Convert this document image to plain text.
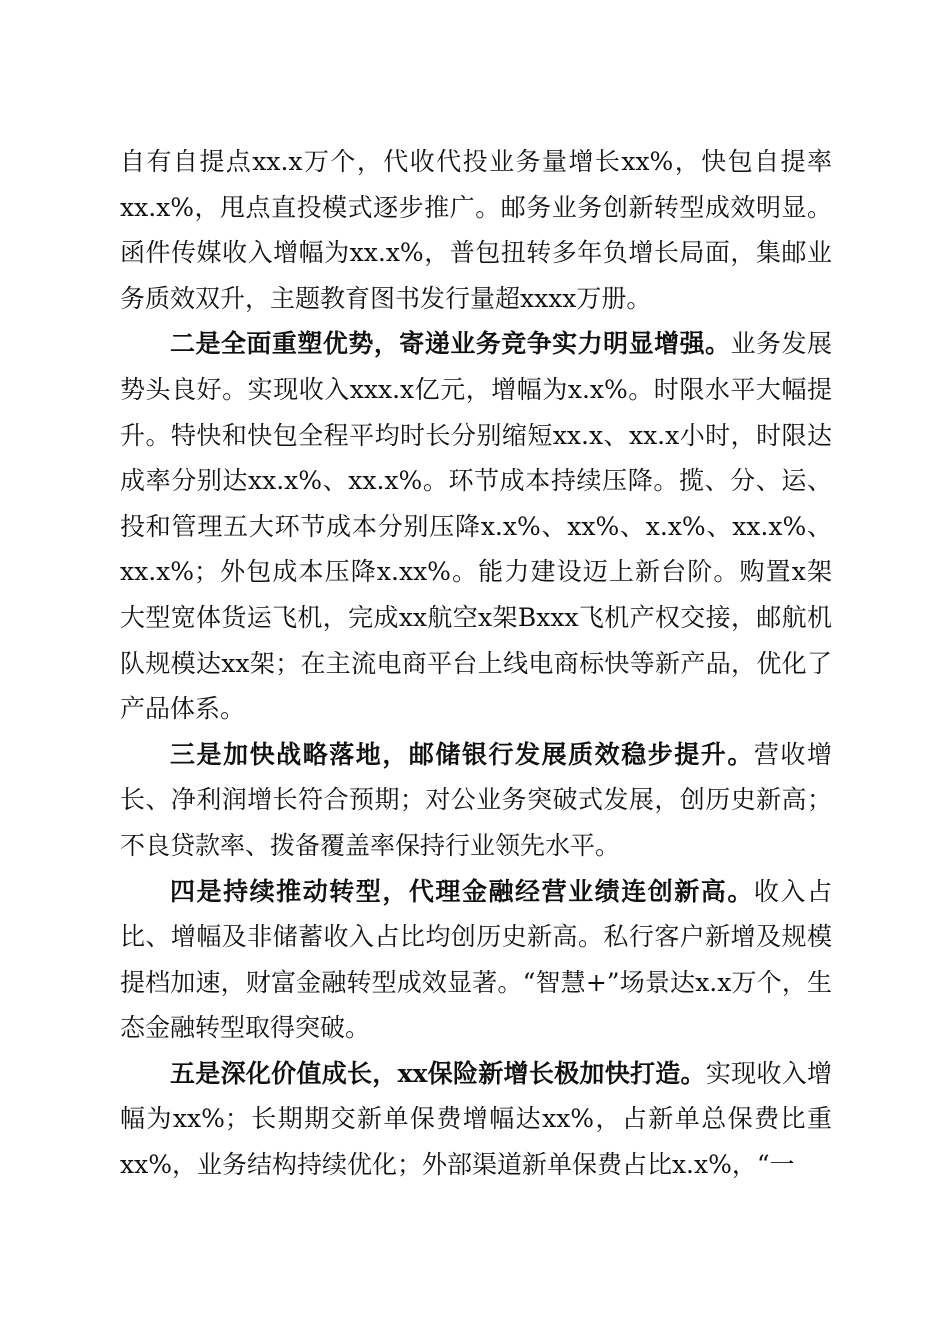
自有自提点xx.x万个，代收代投业务量增长xx%，快包自提率xx.x%，甩点直投模式逐步推广。邮务业务创新转型成效明显。函件传媒收入增幅为xx.x%，普包扭转多年负增长局面，集邮业务质效双升，主题教育图书发行量超xxxx万册。

二是全面重塑优势，寄递业务竞争实力明显增强。业务发展势头良好。实现收入xxx.x亿元，增幅为x.x%。时限水平大幅提升。特快和快包全程平均时长分别缩短xx.x、xx.x小时，时限达成率分别达xx.x%、xx.x%。环节成本持续压降。揽、分、运、投和管理五大环节成本分别压降x.x%、xx%、x.x%、xx.x%、xx.x%；外包成本压降x.xx%。能力建设迈上新台阶。购置x架大型宽体货运飞机，完成xx航空x架Bxxx飞机产权交接，邮航机队规模达xx架；在主流电商平台上线电商标快等新产品，优化了产品体系。

三是加快战略落地，邮储银行发展质效稳步提升。营收增长、净利润增长符合预期；对公业务突破式发展，创历史新高；不良贷款率、拨备覆盖率保持行业领先水平。

四是持续推动转型，代理金融经营业绩连创新高。收入占比、增幅及非储蓄收入占比均创历史新高。私行客户新增及规模提档加速，财富金融转型成效显著。“智慧+”场景达x.x万个，生态金融转型取得突破。

五是深化价值成长，xx保险新增长极加快打造。实现收入增幅为xx%；长期期交新单保费增幅达xx%，占新单总保费比重xx%，业务结构持续优化；外部渠道新单保费占比x.x%，“一
